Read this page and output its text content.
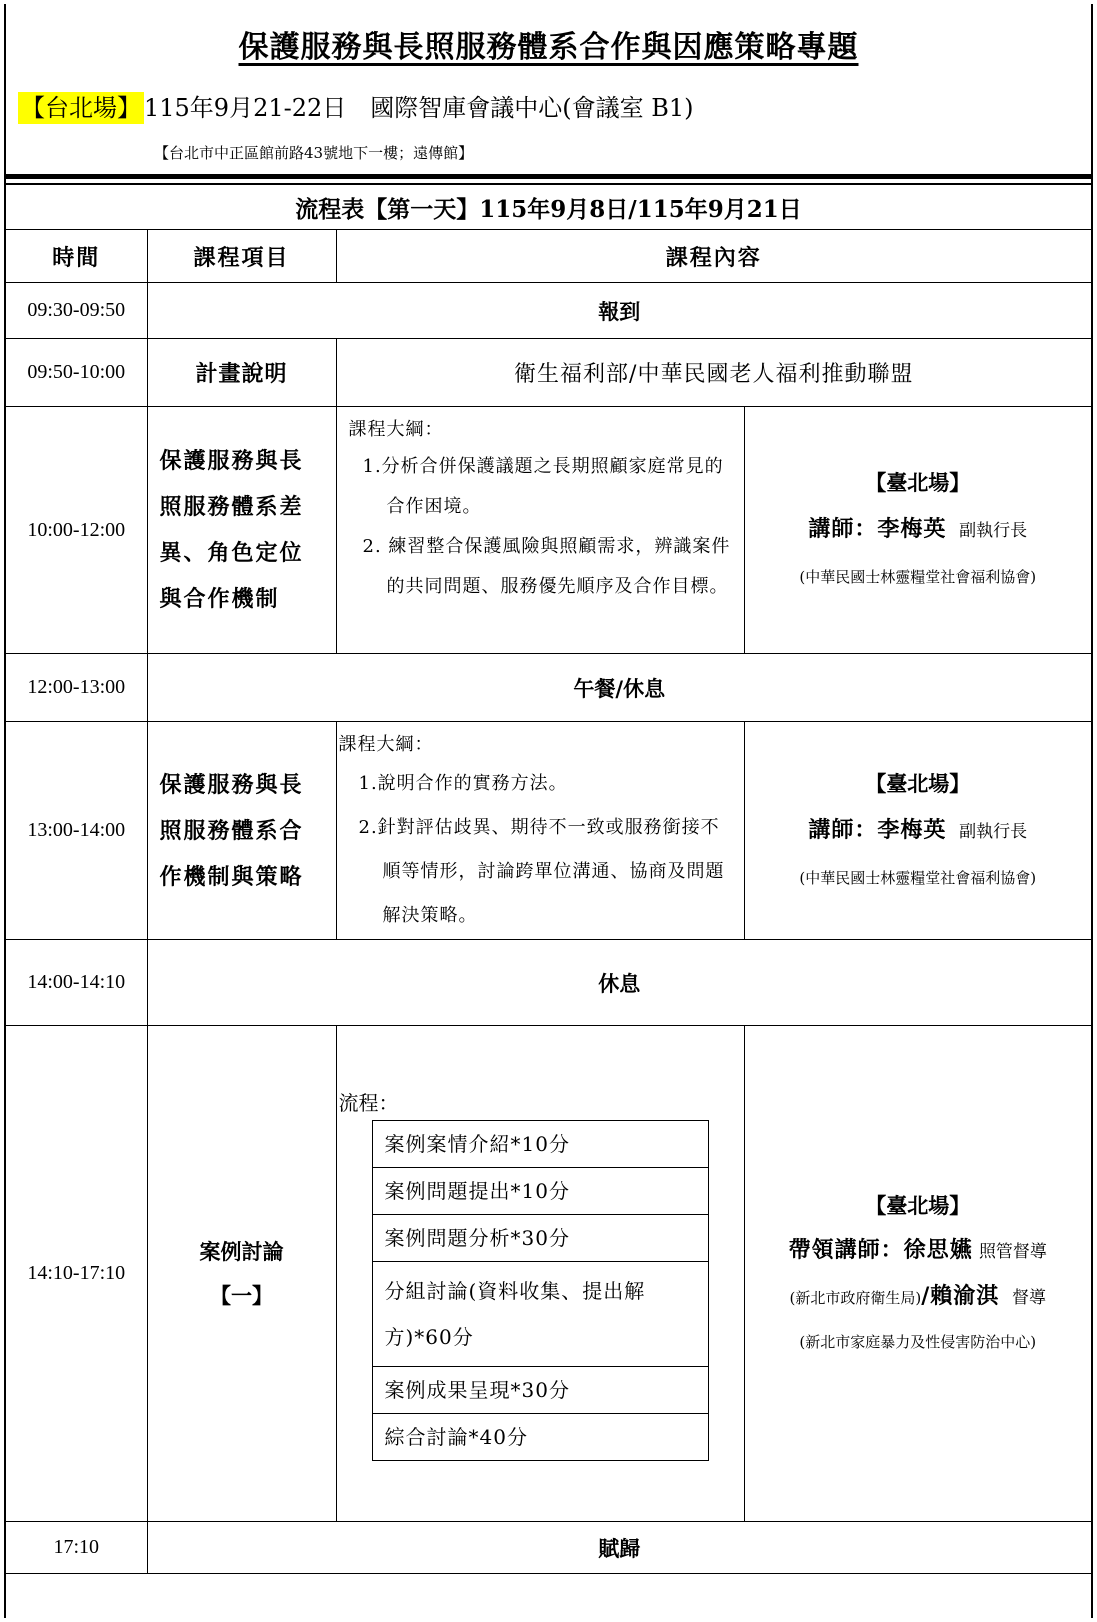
保護服務與長照服務體系合作與因應策略專題
【台北場】 115年9月21-22日 國際智庫會議中心(會議室 B1)
【台北市中正區館前路43號地下一樓；遠傳館】
流程表【第一天】115年9月8日/115年9月21日
時間	課程項目	課程內容
09:30-09:50	報到
09:50-10:00	計畫說明	衛生福利部/中華民國老人福利推動聯盟
10:00-12:00	
保護服務與長
照服務體系差
異、角色定位
與合作機制

課程大綱：
1.分析合併保護議題之長期照顧家庭常見的合作困境。
2. 練習整合保護風險與照顧需求，辨識案件的共同問題、服務優先順序及合作目標。

【臺北場】
講師：李梅英 副執行長
(中華民國士林靈糧堂社會福利協會)

12:00-13:00	午餐/休息
13:00-14:00	
保護服務與長
照服務體系合
作機制與策略

課程大綱：
1.說明合作的實務方法。
2.針對評估歧異、期待不一致或服務銜接不順等情形，討論跨單位溝通、協商及問題解決策略。

【臺北場】
講師：李梅英 副執行長
(中華民國士林靈糧堂社會福利協會)

14:00-14:10	休息
14:10-17:10	
案例討論
【一】

流程：
案例案情介紹*10分
案例問題提出*10分
案例問題分析*30分
分組討論(資料收集、提出解方)*60分
案例成果呈現*30分
綜合討論*40分

【臺北場】
帶領講師：徐思嬿 照管督導
(新北市政府衛生局)/賴渝淇 督導
(新北市家庭暴力及性侵害防治中心)

17:10	賦歸
